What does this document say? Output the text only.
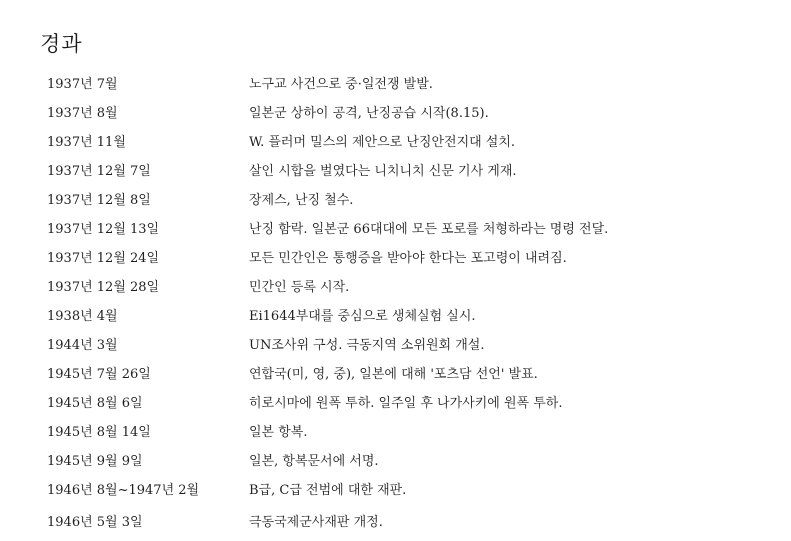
경과
1937년 7월	노구교 사건으로 중·일전쟁 발발.
1937년 8월	일본군 상하이 공격, 난징공습 시작(8.15).
1937년 11월	W. 플러머 밀스의 제안으로 난징안전지대 설치.
1937년 12월 7일	살인 시합을 벌였다는 니치니치 신문 기사 게재.
1937년 12월 8일	장제스, 난징 철수.
1937년 12월 13일	난징 함락. 일본군 66대대에 모든 포로를 처형하라는 명령 전달.
1937년 12월 24일	모든 민간인은 통행증을 받아야 한다는 포고령이 내려짐.
1937년 12월 28일	민간인 등록 시작.
1938년 4월	Ei1644부대를 중심으로 생체실험 실시.
1944년 3월	UN조사위 구성. 극동지역 소위원회 개설.
1945년 7월 26일	연합국(미, 영, 중), 일본에 대해 '포츠담 선언' 발표.
1945년 8월 6일	히로시마에 원폭 투하. 일주일 후 나가사키에 원폭 투하.
1945년 8월 14일	일본 항복.
1945년 9월 9일	일본, 항복문서에 서명.
1946년 8월~1947년 2월	B급, C급 전범에 대한 재판.
1946년 5월 3일	극동국제군사재판 개정.
